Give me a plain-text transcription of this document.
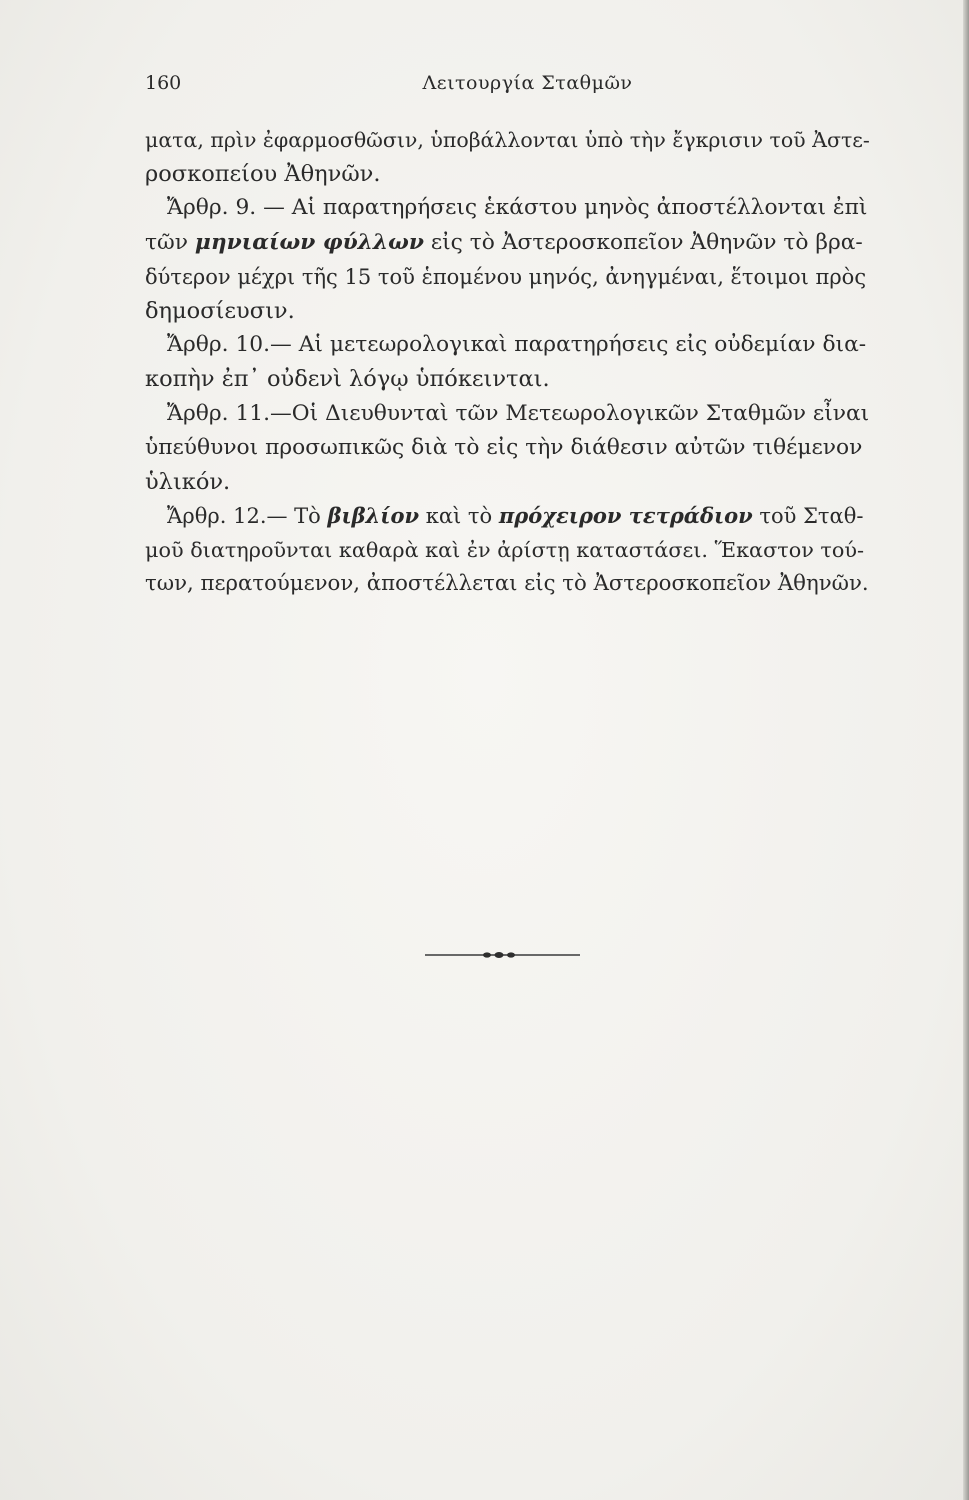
160	Λειτουργία Σταθμῶν
ματα, πρὶν ἐφαρμοσθῶσιν, ὑποβάλλονται ὑπὸ τὴν ἔγκρισιν τοῦ Ἀστε-
ροσκοπείου Ἀθηνῶν.
Ἄρθρ. 9. — Αἱ παρατηρήσεις ἑκάστου μηνὸς ἀποστέλλονται ἐπὶ
τῶν μηνιαίων φύλλων εἰς τὸ Ἀστεροσκοπεῖον Ἀθηνῶν τὸ βρα-
δύτερον μέχρι τῆς 15 τοῦ ἑπομένου μηνός, ἀνηγμέναι, ἕτοιμοι πρὸς
δημοσίευσιν.
Ἄρθρ. 10.— Αἱ μετεωρολογικαὶ παρατηρήσεις εἰς οὐδεμίαν δια-
κοπὴν ἐπ᾿ οὐδενὶ λόγῳ ὑπόκεινται.
Ἄρθρ. 11.—Οἱ Διευθυνταὶ τῶν Μετεωρολογικῶν Σταθμῶν εἶναι
ὑπεύθυνοι προσωπικῶς διὰ τὸ εἰς τὴν διάθεσιν αὐτῶν τιθέμενον
ὑλικόν.
Ἄρθρ. 12.— Τὸ βιβλίον καὶ τὸ πρόχειρον τετράδιον τοῦ Σταθ-
μοῦ διατηροῦνται καθαρὰ καὶ ἐν ἀρίστῃ καταστάσει. Ἕκαστον τού-
των, περατούμενον, ἀποστέλλεται εἰς τὸ Ἀστεροσκοπεῖον Ἀθηνῶν.
